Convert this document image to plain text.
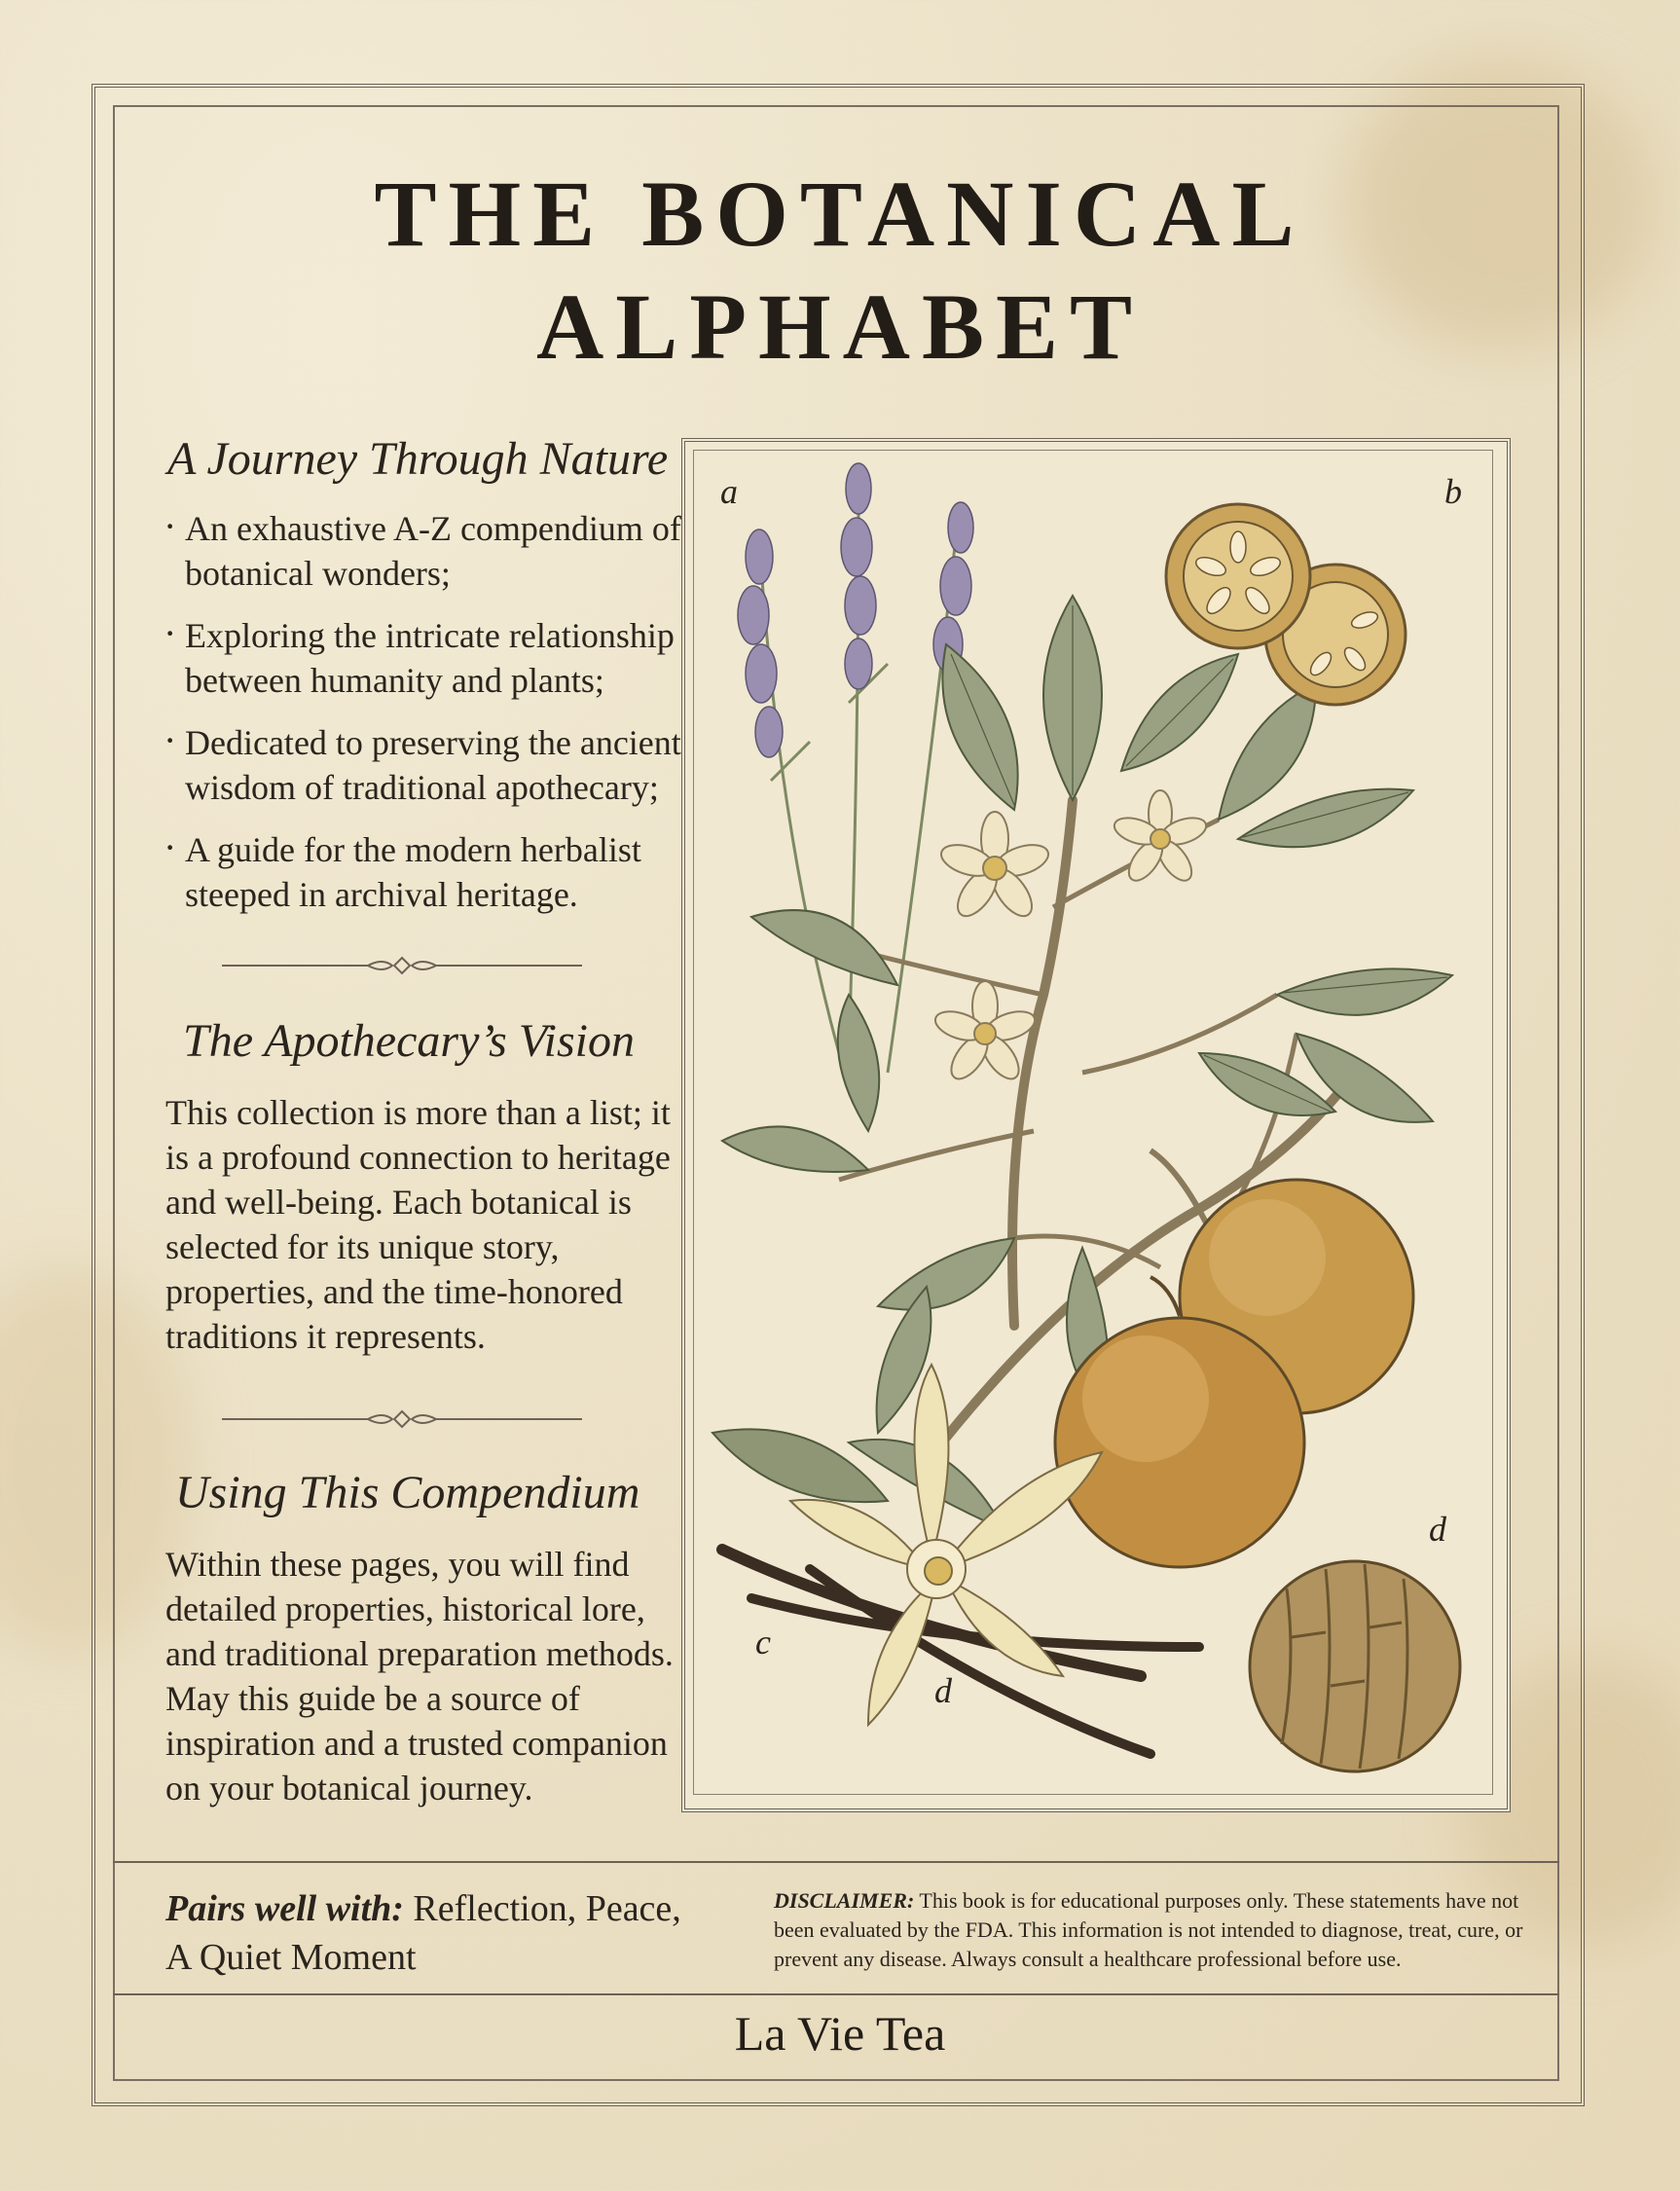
THE BOTANICAL
ALPHABET
A Journey Through Nature
· An exhaustive A-Z compendium of botanical wonders;
· Exploring the intricate relationship between humanity and plants;
· Dedicated to preserving the ancient wisdom of traditional apothecary;
· A guide for the modern herbalist steeped in archival heritage.
The Apothecary’s Vision
This collection is more than a list; it is a profound connection to heritage and well-being. Each botanical is selected for its unique story, properties, and the time-honored traditions it represents.
Using This Compendium
Within these pages, you will find detailed properties, historical lore, and traditional preparation methods. May this guide be a source of inspiration and a trusted companion on your botanical journey.
a	b
c
d
d
Pairs well with: Reflection, Peace, A Quiet Moment
DISCLAIMER: This book is for educational purposes only. These statements have not been evaluated by the FDA. This information is not intended to diagnose, treat, cure, or prevent any disease. Always consult a healthcare professional before use.
La Vie Tea
